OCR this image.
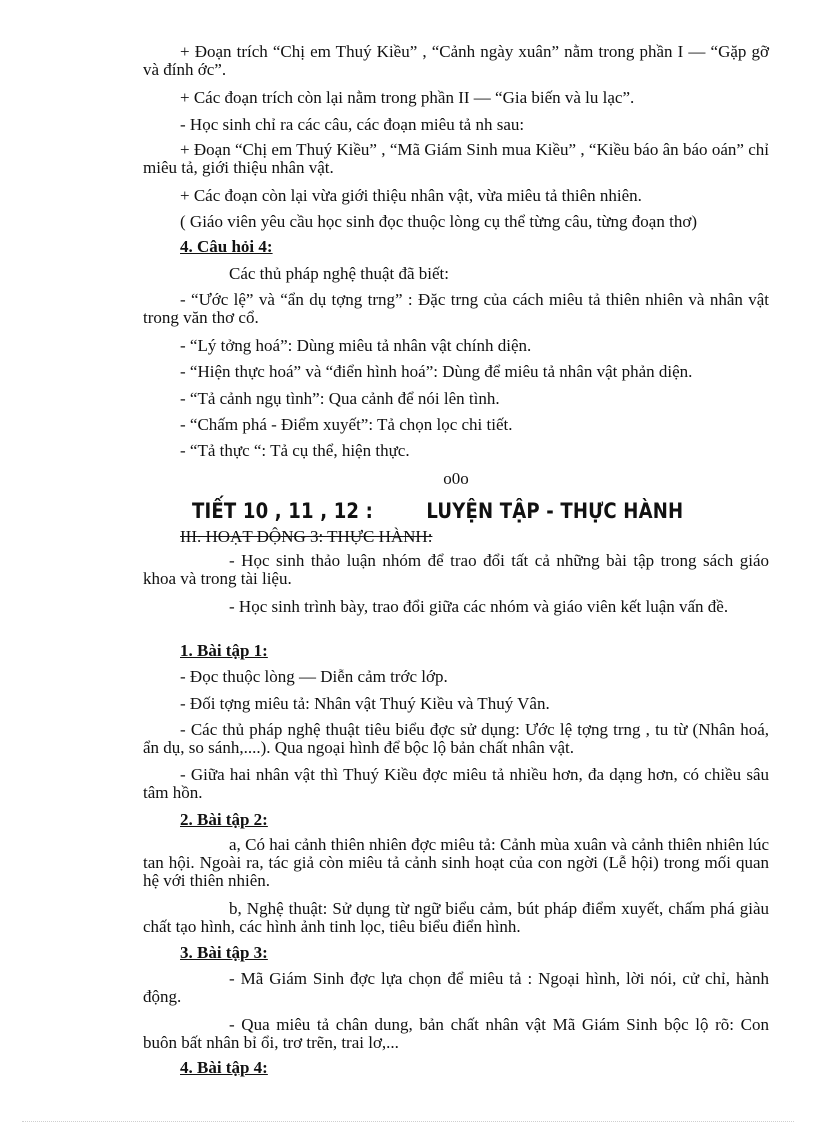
+ Đoạn trích “Chị em Thuý Kiều” , “Cảnh ngày xuân” nằm trong phần I — “Gặp gỡ và đính ớc”.
+ Các đoạn trích còn lại nằm trong phần II — “Gia biến và lu lạc”.
- Học sinh chỉ ra các câu, các đoạn miêu tả nh sau:
+ Đoạn “Chị em Thuý Kiều” , “Mã Giám Sinh mua Kiều” , “Kiều báo ân báo oán” chỉ miêu tả, giới thiệu nhân vật.
+ Các đoạn còn lại vừa giới thiệu nhân vật, vừa miêu tả thiên nhiên.
( Giáo viên yêu cầu học sinh đọc thuộc lòng cụ thể từng câu, từng đoạn thơ)
4. Câu hỏi 4:
Các thủ pháp nghệ thuật đã biết:
- “Ước lệ” và “ẩn dụ tợng trng” : Đặc trng của cách miêu tả thiên nhiên và nhân vật trong văn thơ cổ.
- “Lý tởng hoá”: Dùng miêu tả nhân vật chính diện.
- “Hiện thực hoá” và “điển hình hoá”: Dùng để miêu tả nhân vật phản diện.
- “Tả cảnh ngụ tình”: Qua cảnh để nói lên tình.
- “Chấm phá - Điểm xuyết”: Tả chọn lọc chi tiết.
- “Tả thực “: Tả cụ thể, hiện thực.
o0o
TIẾT 10 , 11 , 12 :	LUYỆN TẬP - THỰC HÀNH
III. HOẠT ĐỘNG 3: THỰC HÀNH:
- Học sinh thảo luận nhóm để trao đổi tất cả những bài tập trong sách giáo khoa và trong tài liệu.
- Học sinh trình bày, trao đổi giữa các nhóm và giáo viên kết luận vấn đề.
1. Bài tập 1:
- Đọc thuộc lòng — Diễn cảm trớc lớp.
- Đối tợng miêu tả: Nhân vật Thuý Kiều và Thuý Vân.
- Các thủ pháp nghệ thuật tiêu biểu đợc sử dụng: Ước lệ tợng trng , tu từ (Nhân hoá, ẩn dụ, so sánh,....). Qua ngoại hình để bộc lộ bản chất nhân vật.
- Giữa hai nhân vật thì Thuý Kiều đợc miêu tả nhiều hơn, đa dạng hơn, có chiều sâu tâm hồn.
2. Bài tập 2:
a, Có hai cảnh thiên nhiên đợc miêu tả: Cảnh mùa xuân và cảnh thiên nhiên lúc tan hội. Ngoài ra, tác giả còn miêu tả cảnh sinh hoạt của con ngời (Lễ hội) trong mối quan hệ với thiên nhiên.
b, Nghệ thuật: Sử dụng từ ngữ biểu cảm, bút pháp điểm xuyết, chấm phá giàu chất tạo hình, các hình ảnh tinh lọc, tiêu biểu điển hình.
3. Bài tập 3:
- Mã Giám Sinh đợc lựa chọn để miêu tả : Ngoại hình, lời nói, cử chỉ, hành động.
- Qua miêu tả chân dung, bản chất nhân vật Mã Giám Sinh bộc lộ rõ: Con buôn bất nhân bỉ ổi, trơ trẽn, trai lơ,...
4. Bài tập 4:
